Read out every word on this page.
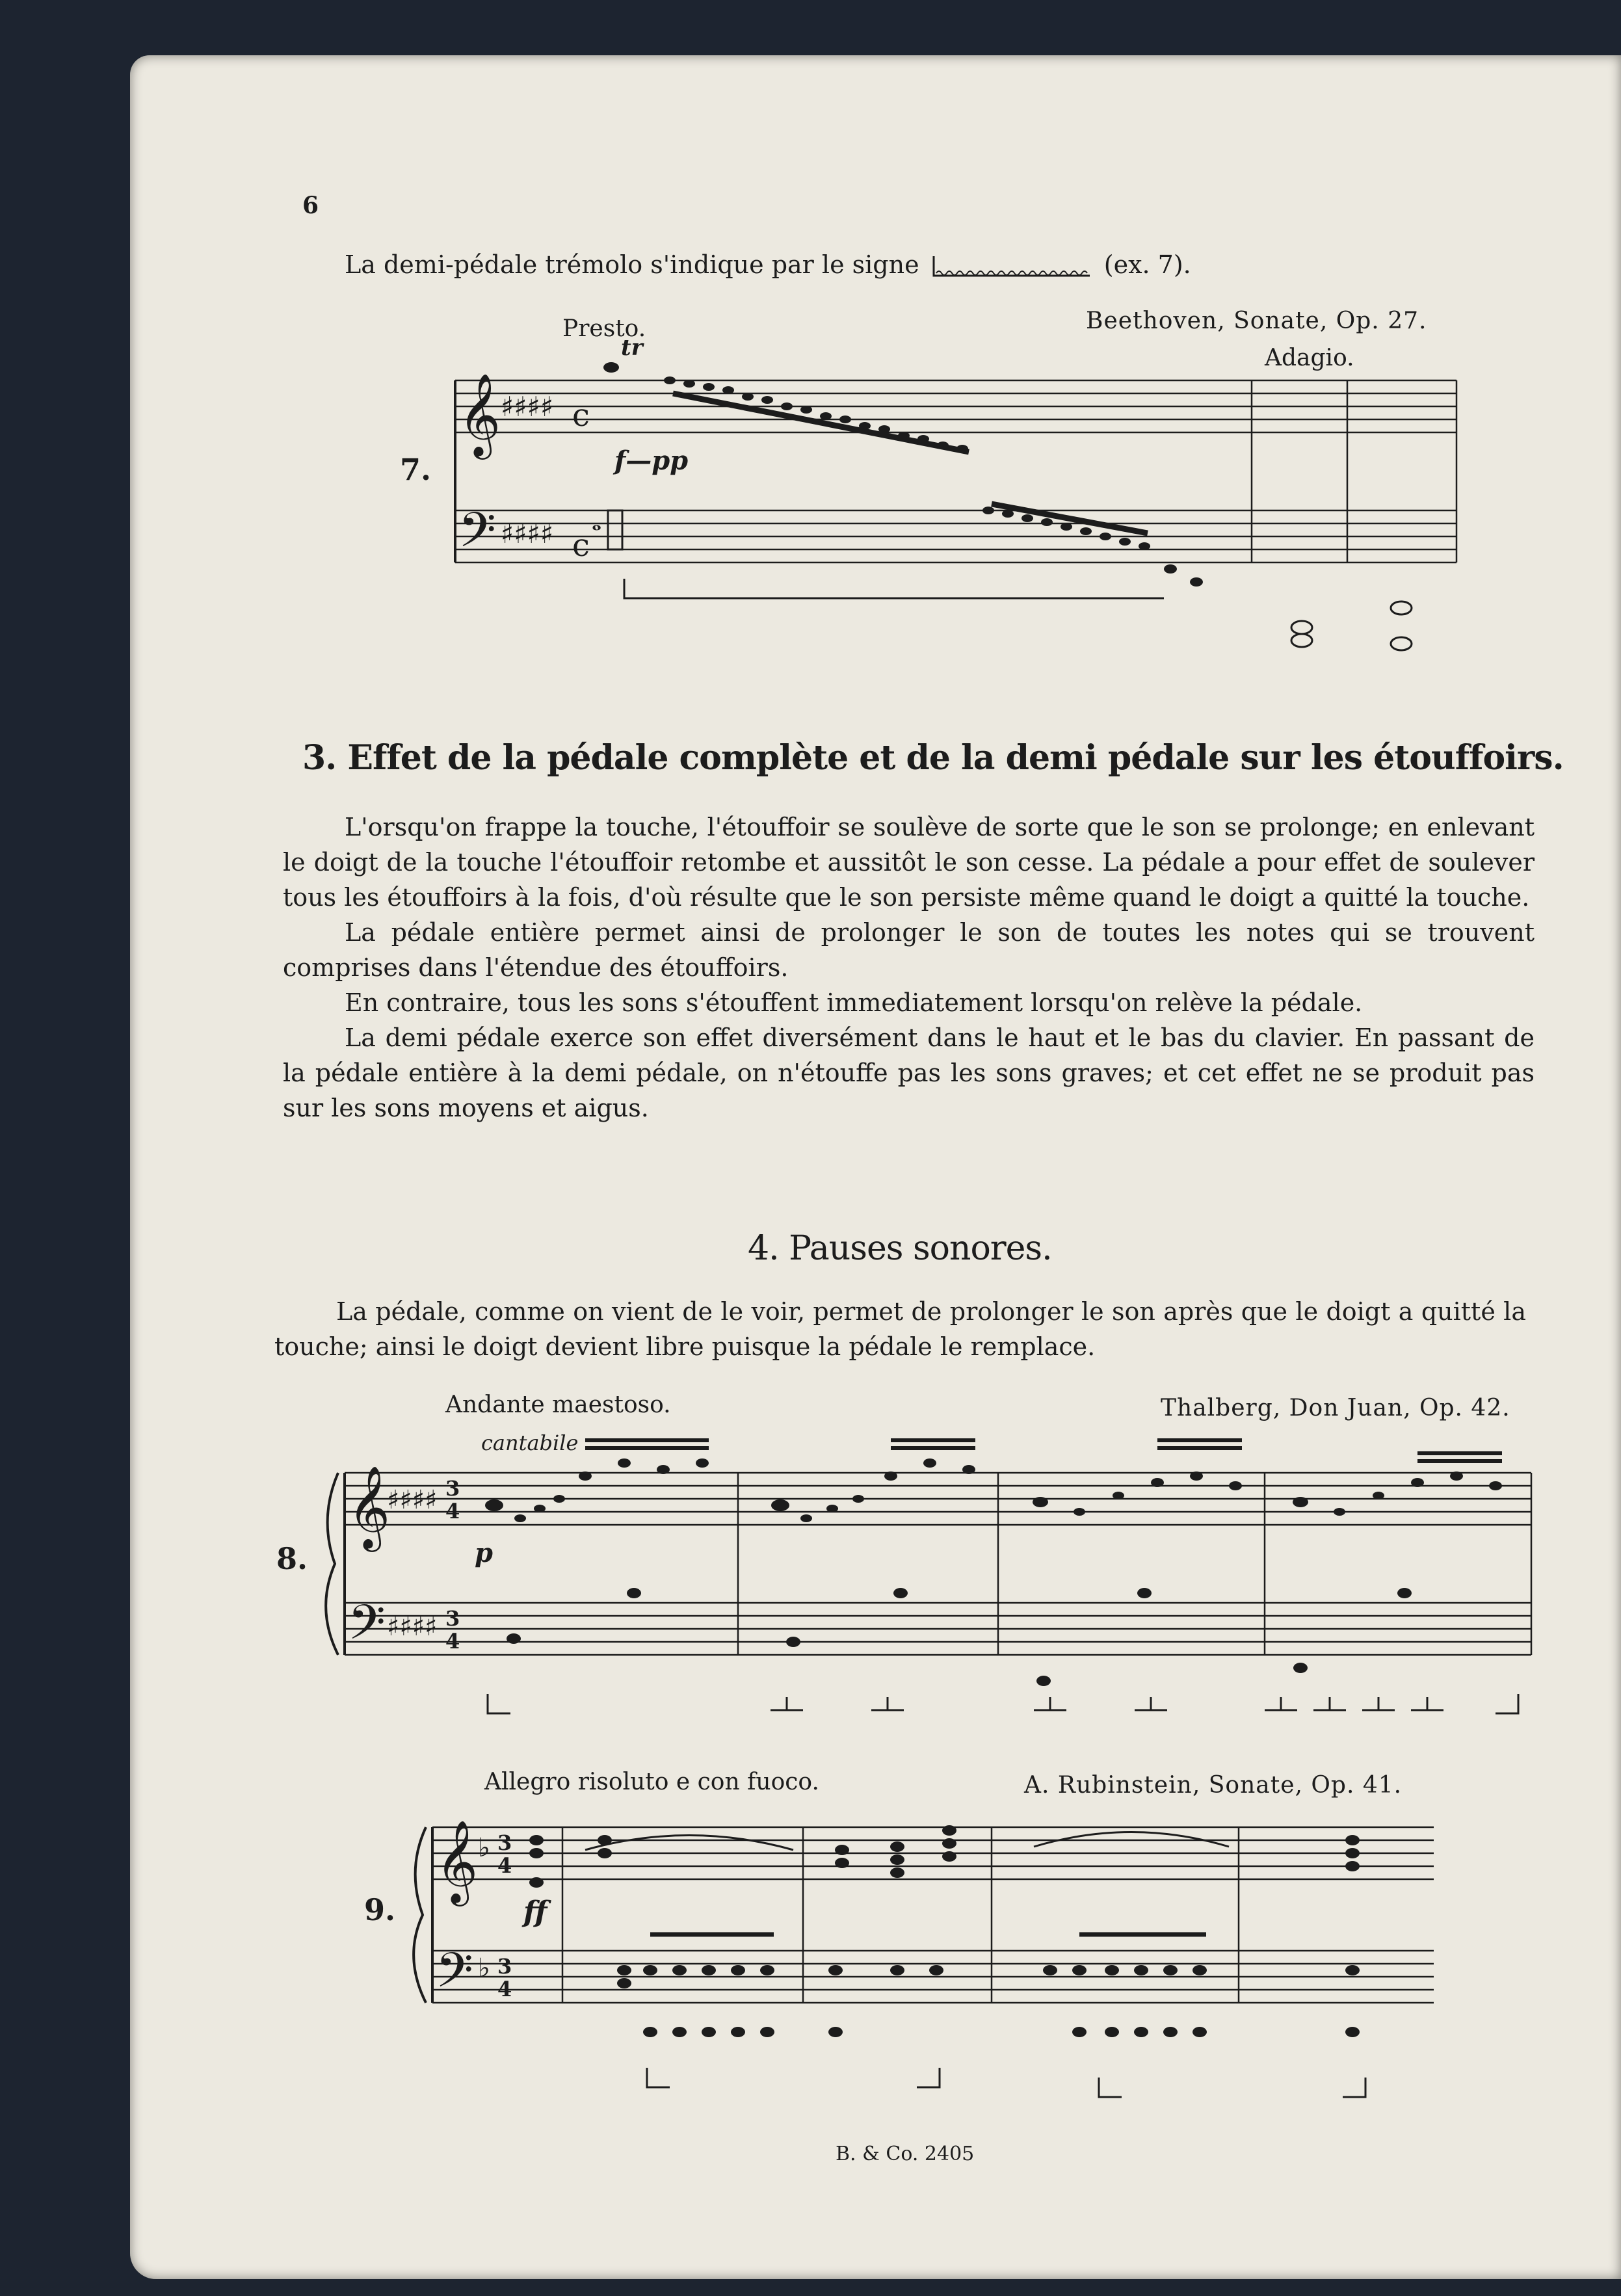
6
La demi-pédale trémolo s'indique par le signe	(ex. 7).
Presto.	Beethoven, Sonate, Op. 27.
Adagio.
tr
f—pp
7.
𝄞
𝄢
♯♯♯♯
♯♯♯♯
c
c
𝅝
3. Effet de la pédale complète et de la demi pédale sur les étouffoirs.
L'orsqu'on frappe la touche, l'étouffoir se soulève de sorte que le son se prolonge; en enlevant le doigt de la touche l'étouffoir retombe et aussitôt le son cesse. La pédale a pour effet de soulever tous les étouffoirs à la fois, d'où résulte que le son persiste même quand le doigt a quitté la touche.
La pédale entière permet ainsi de prolonger le son de toutes les notes qui se trouvent comprises dans l'étendue des étouffoirs.
En contraire, tous les sons s'étouffent immediatement lorsqu'on relève la pédale.
La demi pédale exerce son effet diversément dans le haut et le bas du clavier. En passant de la pédale entière à la demi pédale, on n'étouffe pas les sons graves; et cet effet ne se produit pas sur les sons moyens et aigus.
4. Pauses sonores.
La pédale, comme on vient de le voir, permet de prolonger le son après que le doigt a quitté la touche; ainsi le doigt devient libre puisque la pédale le remplace.
Andante maestoso.	Thalberg, Don Juan, Op. 42.
cantabile
p
8.
𝄞
𝄢
♯♯♯♯
♯♯♯♯
3
4
3
4
Allegro risoluto e con fuoco.	A. Rubinstein, Sonate, Op. 41.
ff
9.
𝄞
𝄢
♭
♭
3
4
3
4
B. & Co. 2405
